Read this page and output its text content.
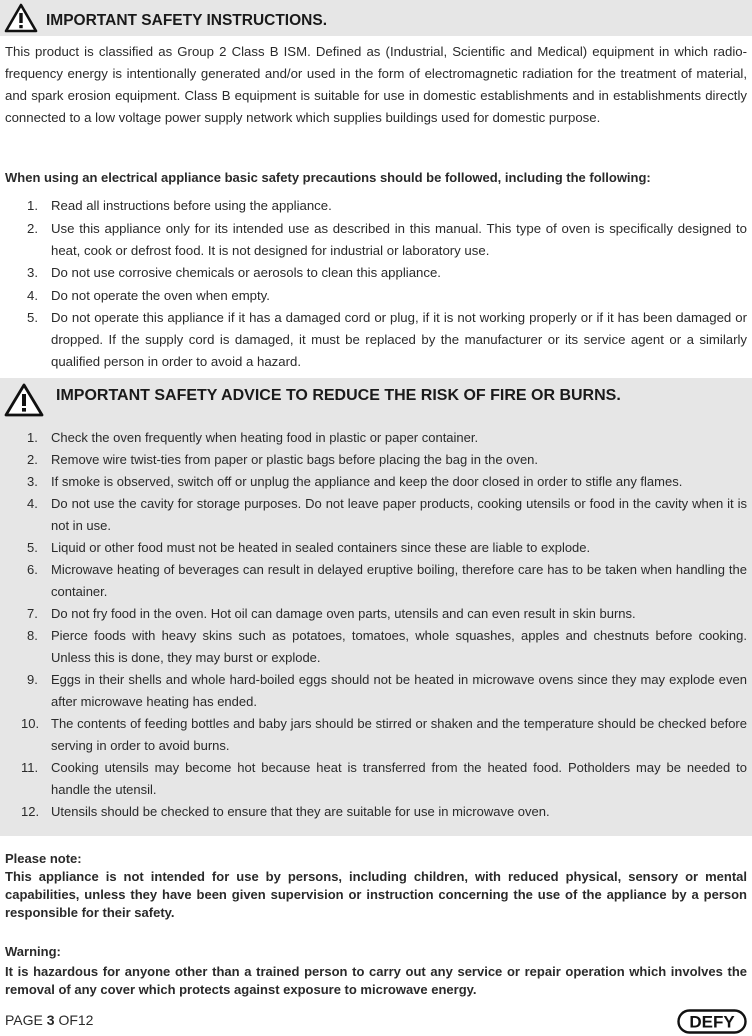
IMPORTANT SAFETY INSTRUCTIONS.
This product is classified as Group 2 Class B ISM. Defined as (Industrial, Scientific and Medical) equipment in which radio-frequency energy is intentionally generated and/or used in the form of electromagnetic radiation for the treatment of material, and spark erosion equipment. Class B equipment is suitable for use in domestic establishments and in establishments directly connected to a low voltage power supply network which supplies buildings used for domestic purpose.
When using an electrical appliance basic safety precautions should be followed, including the following:
1. Read all instructions before using the appliance.
2. Use this appliance only for its intended use as described in this manual. This type of oven is specifically designed to heat, cook or defrost food. It is not designed for industrial or laboratory use.
3. Do not use corrosive chemicals or aerosols to clean this appliance.
4. Do not operate the oven when empty.
5. Do not operate this appliance if it has a damaged cord or plug, if it is not working properly or if it has been damaged or dropped. If the supply cord is damaged, it must be replaced by the manufacturer or its service agent or a similarly qualified person in order to avoid a hazard.
IMPORTANT SAFETY ADVICE TO REDUCE THE RISK OF FIRE OR BURNS.
1. Check the oven frequently when heating food in plastic or paper container.
2. Remove wire twist-ties from paper or plastic bags before placing the bag in the oven.
3. If smoke is observed, switch off or unplug the appliance and keep the door closed in order to stifle any flames.
4. Do not use the cavity for storage purposes. Do not leave paper products, cooking utensils or food in the cavity when it is not in use.
5. Liquid or other food must not be heated in sealed containers since these are liable to explode.
6. Microwave heating of beverages can result in delayed eruptive boiling, therefore care has to be taken when handling the container.
7. Do not fry food in the oven. Hot oil can damage oven parts, utensils and can even result in skin burns.
8. Pierce foods with heavy skins such as potatoes, tomatoes, whole squashes, apples and chestnuts before cooking. Unless this is done, they may burst or explode.
9. Eggs in their shells and whole hard-boiled eggs should not be heated in microwave ovens since they may explode even after microwave heating has ended.
10. The contents of feeding bottles and baby jars should be stirred or shaken and the temperature should be checked before serving in order to avoid burns.
11. Cooking utensils may become hot because heat is transferred from the heated food. Potholders may be needed to handle the utensil.
12. Utensils should be checked to ensure that they are suitable for use in microwave oven.
Please note:
This appliance is not intended for use by persons, including children, with reduced physical, sensory or mental capabilities, unless they have been given supervision or instruction concerning the use of the appliance by a person responsible for their safety.
Warning:
It is hazardous for anyone other than a trained person to carry out any service or repair operation which involves the removal of any cover which protects against exposure to microwave energy.
PAGE 3 OF12	DEFY
